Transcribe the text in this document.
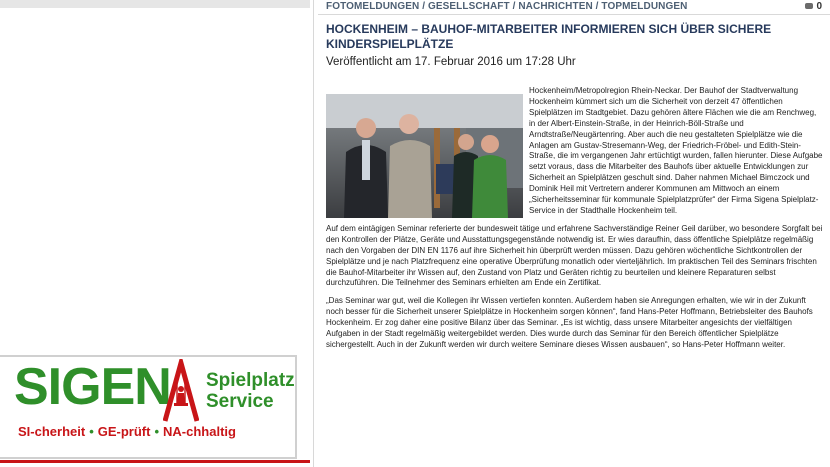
SIGEN Spielplatz
Service
SI-cherheit • GE-prüft • NA-chhaltig
FOTOMELDUNGEN / GESELLSCHAFT / NACHRICHTEN / TOPMELDUNGEN	0
HOCKENHEIM – BAUHOF-MITARBEITER INFORMIEREN SICH ÜBER SICHERE KINDERSPIELPLÄTZE
Veröffentlicht am 17. Februar 2016 um 17:28 Uhr

Hockenheim/Metropolregion Rhein-Neckar. Der Bauhof der Stadtverwaltung Hockenheim kümmert sich um die Sicherheit von derzeit 47 öffentlichen Spielplätzen im Stadtgebiet. Dazu gehören ältere Flächen wie die am Renchweg, in der Albert-Einstein-Straße, in der Heinrich-Böll-Straße und Arndtstraße/Neugärtenring. Aber auch die neu gestalteten Spielplätze wie die Anlagen am Gustav-Stresemann-Weg, der Friedrich-Fröbel- und Edith-Stein-Straße, die im vergangenen Jahr ertüchtigt wurden, fallen hierunter. Diese Aufgabe setzt voraus, dass die Mitarbeiter des Bauhofs über aktuelle Entwicklungen zur Sicherheit an Spielplätzen geschult sind. Daher nahmen Michael Bimczock und Dominik Heil mit Vertretern anderer Kommunen am Mittwoch an einem „Sicherheitsseminar für kommunale Spielplatzprüfer“ der Firma Sigena Spielplatz-Service in der Stadthalle Hockenheim teil.

Auf dem eintägigen Seminar referierte der bundesweit tätige und erfahrene Sachverständige Reiner Geil darüber, wo besondere Sorgfalt bei den Kontrollen der Plätze, Geräte und Ausstattungsgegenstände notwendig ist. Er wies daraufhin, dass öffentliche Spielplätze regelmäßig nach den Vorgaben der DIN EN 1176 auf ihre Sicherheit hin überprüft werden müssen. Dazu gehören wöchentliche Sichtkontrollen der Spielplätze und je nach Platzfrequenz eine operative Überprüfung monatlich oder vierteljährlich. Im praktischen Teil des Seminars frischten die Bauhof-Mitarbeiter ihr Wissen auf, den Zustand von Platz und Geräten richtig zu beurteilen und kleinere Reparaturen selbst durchzuführen. Die Teilnehmer des Seminars erhielten am Ende ein Zertifikat.

„Das Seminar war gut, weil die Kollegen ihr Wissen vertiefen konnten. Außerdem haben sie Anregungen erhalten, wie wir in der Zukunft noch besser für die Sicherheit unserer Spielplätze in Hockenheim sorgen können“, fand Hans-Peter Hoffmann, Betriebsleiter des Bauhofs Hockenheim. Er zog daher eine positive Bilanz über das Seminar. „Es ist wichtig, dass unsere Mitarbeiter angesichts der vielfältigen Aufgaben in der Stadt regelmäßig weitergebildet werden. Dies wurde durch das Seminar für den Bereich öffentlicher Spielplätze sichergestellt. Auch in der Zukunft werden wir durch weitere Seminare dieses Wissen ausbauen“, so Hans-Peter Hoffmann weiter.
